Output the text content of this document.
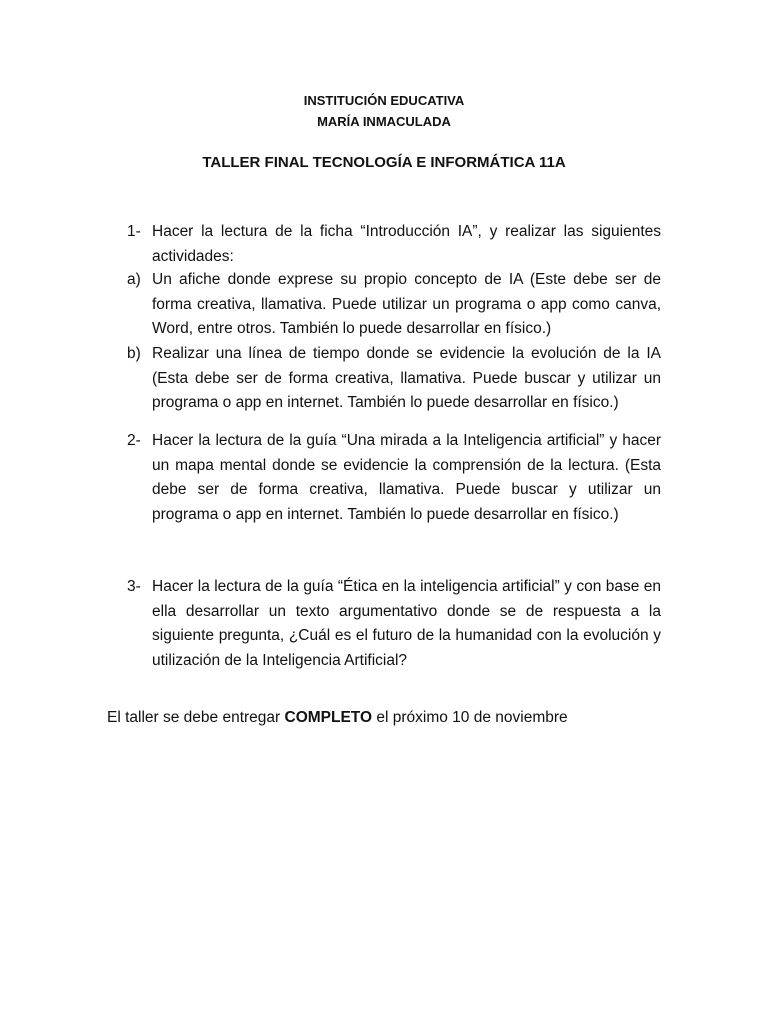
INSTITUCIÓN EDUCATIVA
MARÍA INMACULADA
TALLER FINAL TECNOLOGÍA E INFORMÁTICA 11A
1- Hacer la lectura de la ficha “Introducción IA”, y realizar las siguientes actividades:
a) Un afiche donde exprese su propio concepto de IA (Este debe ser de forma creativa, llamativa. Puede utilizar un programa o app como canva, Word, entre otros. También lo puede desarrollar en físico.)
b) Realizar una línea de tiempo donde se evidencie la evolución de la IA (Esta debe ser de forma creativa, llamativa. Puede buscar y utilizar un programa o app en internet. También lo puede desarrollar en físico.)
2- Hacer la lectura de la guía “Una mirada a la Inteligencia artificial” y hacer un mapa mental donde se evidencie la comprensión de la lectura. (Esta debe ser de forma creativa, llamativa. Puede buscar y utilizar un programa o app en internet. También lo puede desarrollar en físico.)
3- Hacer la lectura de la guía “Ética en la inteligencia artificial” y con base en ella desarrollar un texto argumentativo donde se de respuesta a la siguiente pregunta, ¿Cuál es el futuro de la humanidad con la evolución y utilización de la Inteligencia Artificial?
El taller se debe entregar COMPLETO el próximo 10 de noviembre
